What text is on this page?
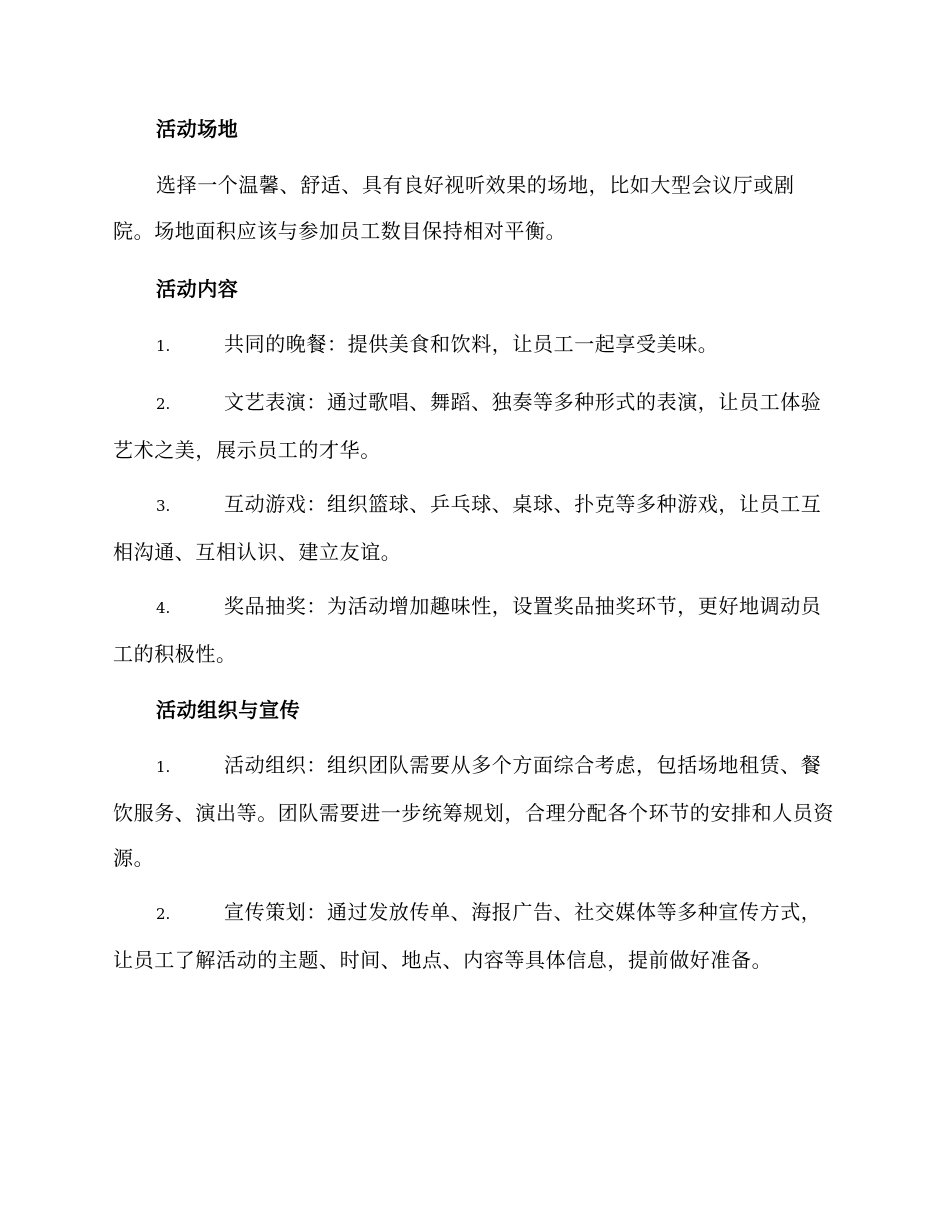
活动场地

选择一个温馨、舒适、具有良好视听效果的场地，比如大型会议厅或剧院。场地面积应该与参加员工数目保持相对平衡。

活动内容

1.	共同的晚餐：提供美食和饮料，让员工一起享受美味。

2.	文艺表演：通过歌唱、舞蹈、独奏等多种形式的表演，让员工体验艺术之美，展示员工的才华。

3.	互动游戏：组织篮球、乒乓球、桌球、扑克等多种游戏，让员工互相沟通、互相认识、建立友谊。

4.	奖品抽奖：为活动增加趣味性，设置奖品抽奖环节，更好地调动员工的积极性。

活动组织与宣传

1.	活动组织：组织团队需要从多个方面综合考虑，包括场地租赁、餐饮服务、演出等。团队需要进一步统筹规划，合理分配各个环节的安排和人员资源。

2.	宣传策划：通过发放传单、海报广告、社交媒体等多种宣传方式，让员工了解活动的主题、时间、地点、内容等具体信息，提前做好准备。
